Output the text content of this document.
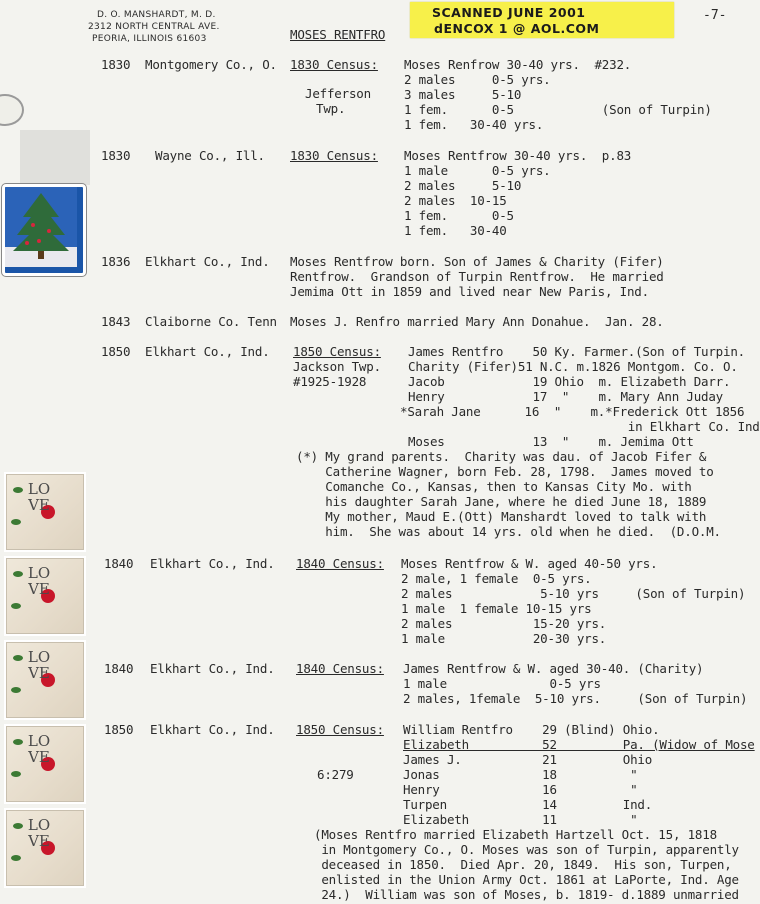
D. O. MANSHARDT, M. D.
2312 NORTH CENTRAL AVE.
PEORIA, ILLINOIS 61603	MOSES RENTFRO
-7-
SCANNED JUNE 2001
dENCOX 1 @ AOL.COM
LOVE
LOVE
LOVE
LOVE
LOVE
1830 Montgomery Co., O. 1830 Census:
Jefferson
Twp.
Moses Renfrow 30-40 yrs.  #232.
2 males     0-5 yrs.
3 males     5-10
1 fem.      0-5            (Son of Turpin)
1 fem.   30-40 yrs.
1830 Wayne Co., Ill. 1830 Census: Moses Rentfrow 30-40 yrs.  p.83
1 male      0-5 yrs.
2 males     5-10
2 males  10-15
1 fem.      0-5
1 fem.   30-40
1836 Elkhart Co., Ind. Moses Rentfrow born. Son of James & Charity (Fifer)
Rentfrow.  Grandson of Turpin Rentfrow.  He married
Jemima Ott in 1859 and lived near New Paris, Ind.
1843 Claiborne Co. Tenn Moses J. Renfro married Mary Ann Donahue.  Jan. 28.
1850 Elkhart Co., Ind. 1850 Census:
Jackson Twp.
#1925-1928
James Rentfro    50 Ky. Farmer.(Son of Turpin.
Charity (Fifer)51 N.C. m.1826 Montgom. Co. O.
Jacob            19 Ohio  m. Elizabeth Darr.
Henry            17  "    m. Mary Ann Juday
*Sarah Jane      16  "    m.*Frederick Ott 1856
in Elkhart Co. Ind
Moses            13  "    m. Jemima Ott
(*) My grand parents.  Charity was dau. of Jacob Fifer &
Catherine Wagner, born Feb. 28, 1798.  James moved to
Comanche Co., Kansas, then to Kansas City Mo. with
his daughter Sarah Jane, where he died June 18, 1889
My mother, Maud E.(Ott) Manshardt loved to talk with
him.  She was about 14 yrs. old when he died.  (D.O.M.
1840 Elkhart Co., Ind. 1840 Census: Moses Rentfrow & W. aged 40-50 yrs.
2 male, 1 female  0-5 yrs.
2 males            5-10 yrs     (Son of Turpin)
1 male  1 female 10-15 yrs
2 males           15-20 yrs.
1 male            20-30 yrs.
1840 Elkhart Co., Ind. 1840 Census: James Rentfrow & W. aged 30-40. (Charity)
1 male              0-5 yrs
2 males, 1female  5-10 yrs.     (Son of Turpin)
1850 Elkhart Co., Ind. 1850 Census:
6:279
William Rentfro    29 (Blind) Ohio.
Elizabeth          52         Pa. (Widow of Mose
James J.           21         Ohio
Jonas              18          "
Henry              16          "
Turpen             14         Ind.
Elizabeth          11          "
(Moses Rentfro married Elizabeth Hartzell Oct. 15, 1818
in Montgomery Co., O. Moses was son of Turpin, apparently
deceased in 1850.  Died Apr. 20, 1849.  His son, Turpen,
enlisted in the Union Army Oct. 1861 at LaPorte, Ind. Age
24.)  William was son of Moses, b. 1819- d.1889 unmarried
